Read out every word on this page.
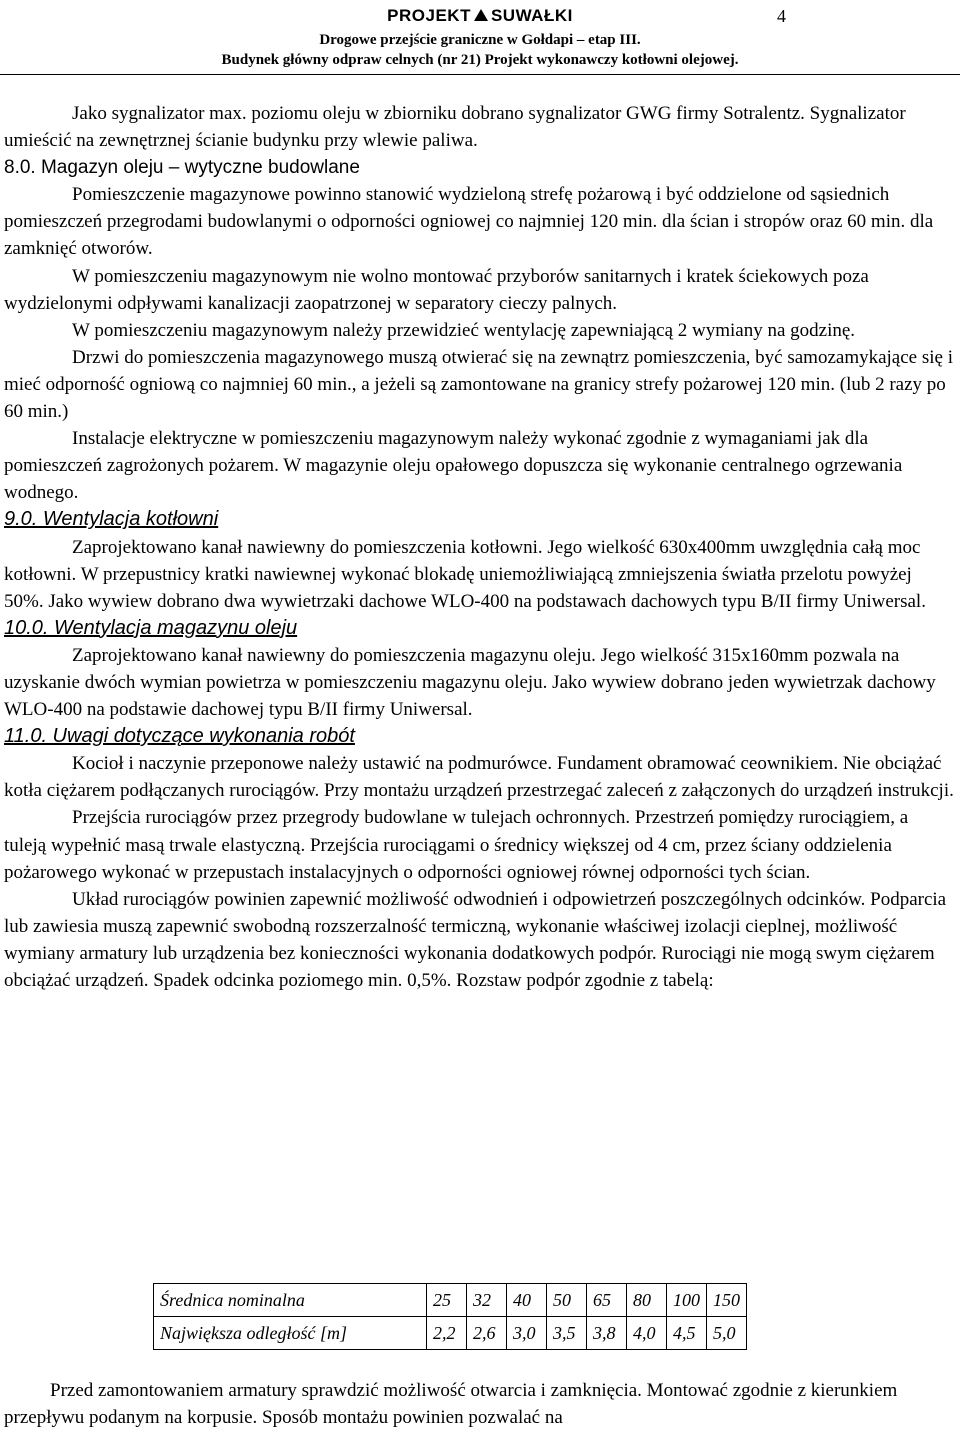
PROJEKT SUWAŁKI	4
Drogowe przejście graniczne w Gołdapi – etap III.
Budynek główny odpraw celnych (nr 21) Projekt wykonawczy kotłowni olejowej.

Jako sygnalizator max. poziomu oleju w zbiorniku dobrano sygnalizator GWG firmy Sotralentz. Sygnalizator umieścić na zewnętrznej ścianie budynku przy wlewie paliwa.

8.0. Magazyn oleju – wytyczne budowlane

Pomieszczenie magazynowe powinno stanowić wydzieloną strefę pożarową i być oddzielone od sąsiednich pomieszczeń przegrodami budowlanymi o odporności ogniowej co najmniej 120 min. dla ścian i stropów oraz 60 min. dla zamknięć otworów.

W pomieszczeniu magazynowym nie wolno montować przyborów sanitarnych i kratek ściekowych poza wydzielonymi odpływami kanalizacji zaopatrzonej w separatory cieczy palnych.

W pomieszczeniu magazynowym należy przewidzieć wentylację zapewniającą 2 wymiany na godzinę.

Drzwi do pomieszczenia magazynowego muszą otwierać się na zewnątrz pomieszczenia, być samozamykające się i mieć odporność ogniową co najmniej 60 min., a jeżeli są zamontowane na granicy strefy pożarowej 120 min. (lub 2 razy po 60 min.)

Instalacje elektryczne w pomieszczeniu magazynowym należy wykonać zgodnie z wymaganiami jak dla pomieszczeń zagrożonych pożarem. W magazynie oleju opałowego dopuszcza się wykonanie centralnego ogrzewania wodnego.

9.0. Wentylacja kotłowni

Zaprojektowano kanał nawiewny do pomieszczenia kotłowni. Jego wielkość 630x400mm uwzględnia całą moc kotłowni. W przepustnicy kratki nawiewnej wykonać blokadę uniemożliwiającą zmniejszenia światła przelotu powyżej 50%. Jako wywiew dobrano dwa wywietrzaki dachowe WLO-400 na podstawach dachowych typu B/II firmy Uniwersal.

10.0. Wentylacja magazynu oleju

Zaprojektowano kanał nawiewny do pomieszczenia magazynu oleju. Jego wielkość 315x160mm pozwala na uzyskanie dwóch wymian powietrza w pomieszczeniu magazynu oleju. Jako wywiew dobrano jeden wywietrzak dachowy WLO-400 na podstawie dachowej typu B/II firmy Uniwersal.

11.0. Uwagi dotyczące wykonania robót

Kocioł i naczynie przeponowe należy ustawić na podmurówce. Fundament obramować ceownikiem. Nie obciążać kotła ciężarem podłączanych rurociągów. Przy montażu urządzeń przestrzegać zaleceń z załączonych do urządzeń instrukcji.

Przejścia rurociągów przez przegrody budowlane w tulejach ochronnych. Przestrzeń pomiędzy rurociągiem, a tuleją wypełnić masą trwale elastyczną. Przejścia rurociągami o średnicy większej od 4 cm, przez ściany oddzielenia pożarowego wykonać w przepustach instalacyjnych o odporności ogniowej równej odporności tych ścian.

Układ rurociągów powinien zapewnić możliwość odwodnień i odpowietrzeń poszczególnych odcinków. Podparcia lub zawiesia muszą zapewnić swobodną rozszerzalność termiczną, wykonanie właściwej izolacji cieplnej, możliwość wymiany armatury lub urządzenia bez konieczności wykonania dodatkowych podpór. Rurociągi nie mogą swym ciężarem obciążać urządzeń. Spadek odcinka poziomego min. 0,5%. Rozstaw podpór zgodnie z tabelą:

Średnica nominalna	25	32	40	50	65	80	100	150
Największa odległość [m]	2,2	2,6	3,0	3,5	3,8	4,0	4,5	5,0

Przed zamontowaniem armatury sprawdzić możliwość otwarcia i zamknięcia. Montować zgodnie z kierunkiem przepływu podanym na korpusie. Sposób montażu powinien pozwalać na
